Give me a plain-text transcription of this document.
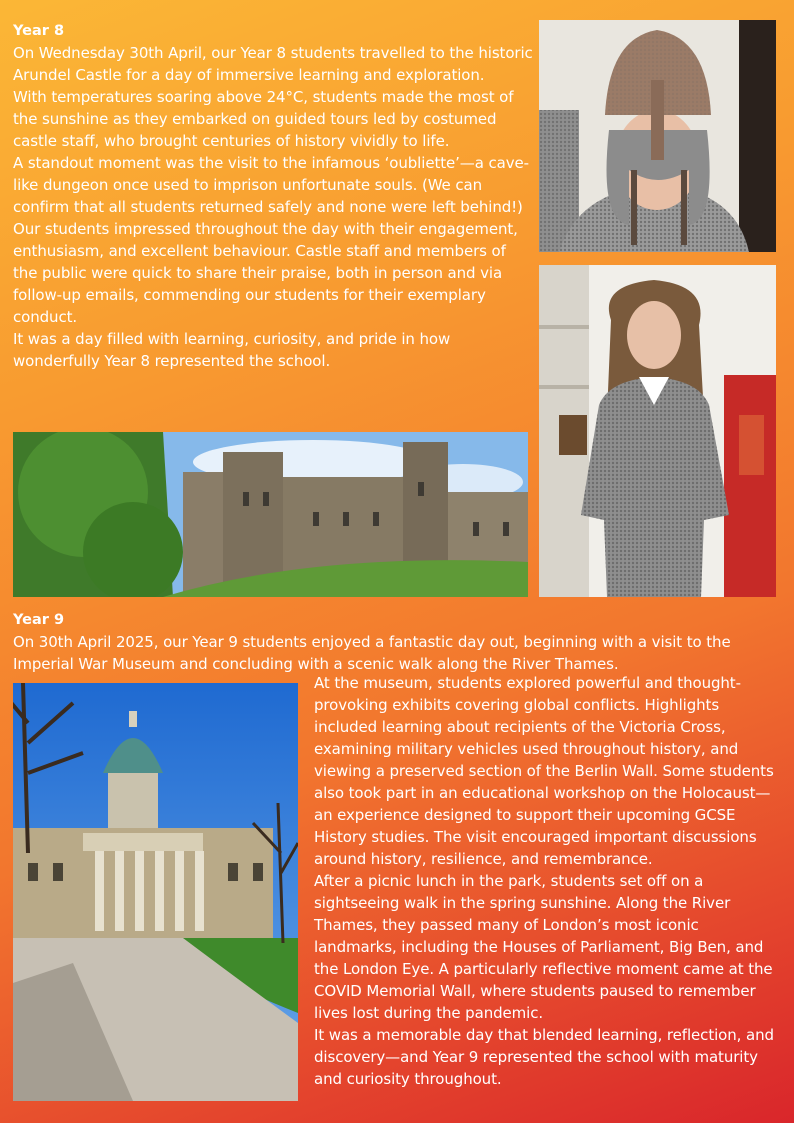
Year 8

On Wednesday 30th April, our Year 8 students travelled to the historic Arundel Castle for a day of immersive learning and exploration.

With temperatures soaring above 24°C, students made the most of the sunshine as they embarked on guided tours led by costumed castle staff, who brought centuries of history vividly to life.

A standout moment was the visit to the infamous ‘oubliette’—a cave-like dungeon once used to imprison unfortunate souls. (We can confirm that all students returned safely and none were left behind!)

Our students impressed throughout the day with their engagement, enthusiasm, and excellent behaviour. Castle staff and members of the public were quick to share their praise, both in person and via follow-up emails, commending our students for their exemplary conduct.

It was a day filled with learning, curiosity, and pride in how wonderfully Year 8 represented the school.

Year 9

On 30th April 2025, our Year 9 students enjoyed a fantastic day out, beginning with a visit to the Imperial War Museum and concluding with a scenic walk along the River Thames.

At the museum, students explored powerful and thought-provoking exhibits covering global conflicts. Highlights included learning about recipients of the Victoria Cross, examining military vehicles used throughout history, and viewing a preserved section of the Berlin Wall. Some students also took part in an educational workshop on the Holocaust—an experience designed to support their upcoming GCSE History studies. The visit encouraged important discussions around history, resilience, and remembrance.

After a picnic lunch in the park, students set off on a sightseeing walk in the spring sunshine. Along the River Thames, they passed many of London’s most iconic landmarks, including the Houses of Parliament, Big Ben, and the London Eye. A particularly reflective moment came at the COVID Memorial Wall, where students paused to remember lives lost during the pandemic.

It was a memorable day that blended learning, reflection, and discovery—and Year 9 represented the school with maturity and curiosity throughout.
